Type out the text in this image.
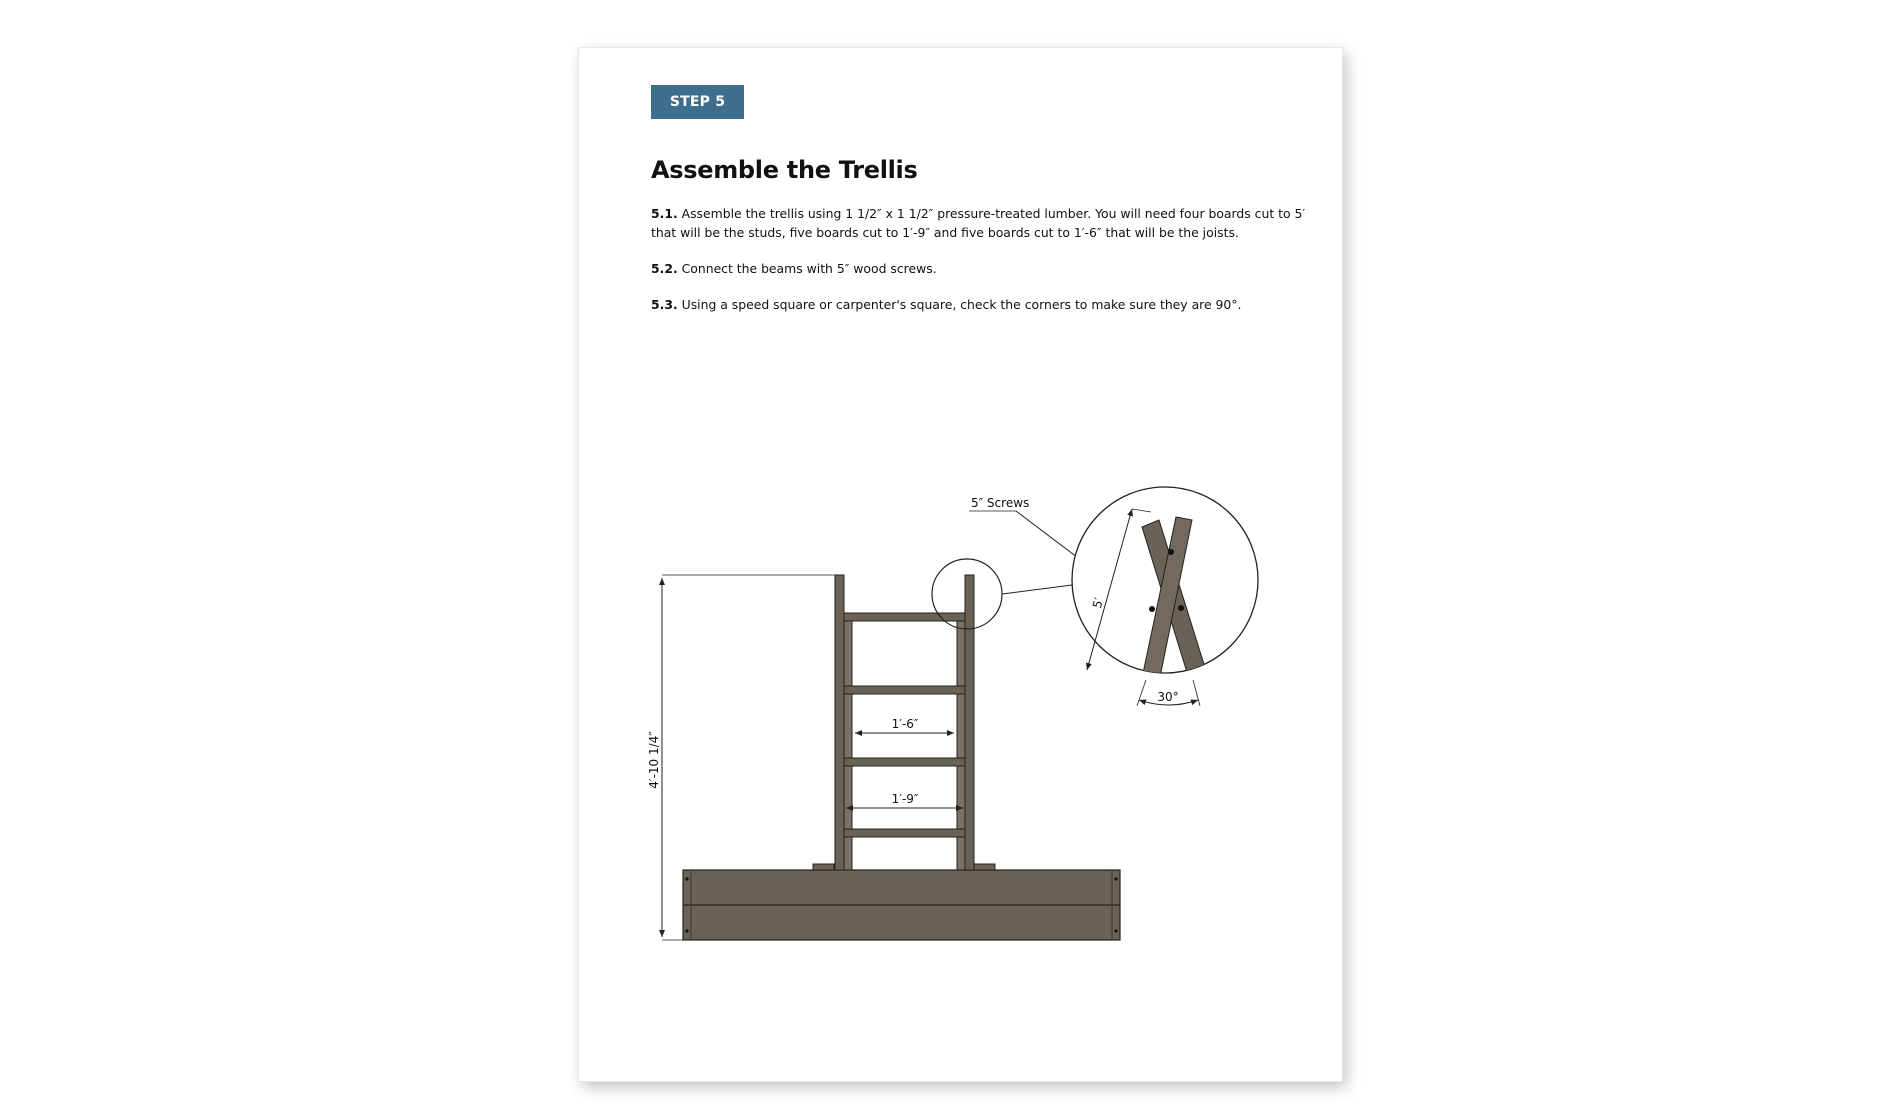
STEP 5
Assemble the Trellis

5.1. Assemble the trellis using 1 1/2″ x 1 1/2″ pressure-treated lumber. You will need four boards cut to 5′ that will be the studs, five boards cut to 1′-9″ and five boards cut to 1′-6″ that will be the joists.

5.2. Connect the beams with 5″ wood screws.

5.3. Using a speed square or carpenter's square, check the corners to make sure they are 90°.

4′-10 1/4″
1′-6″
1′-9″
5″ Screws
5′
30°
